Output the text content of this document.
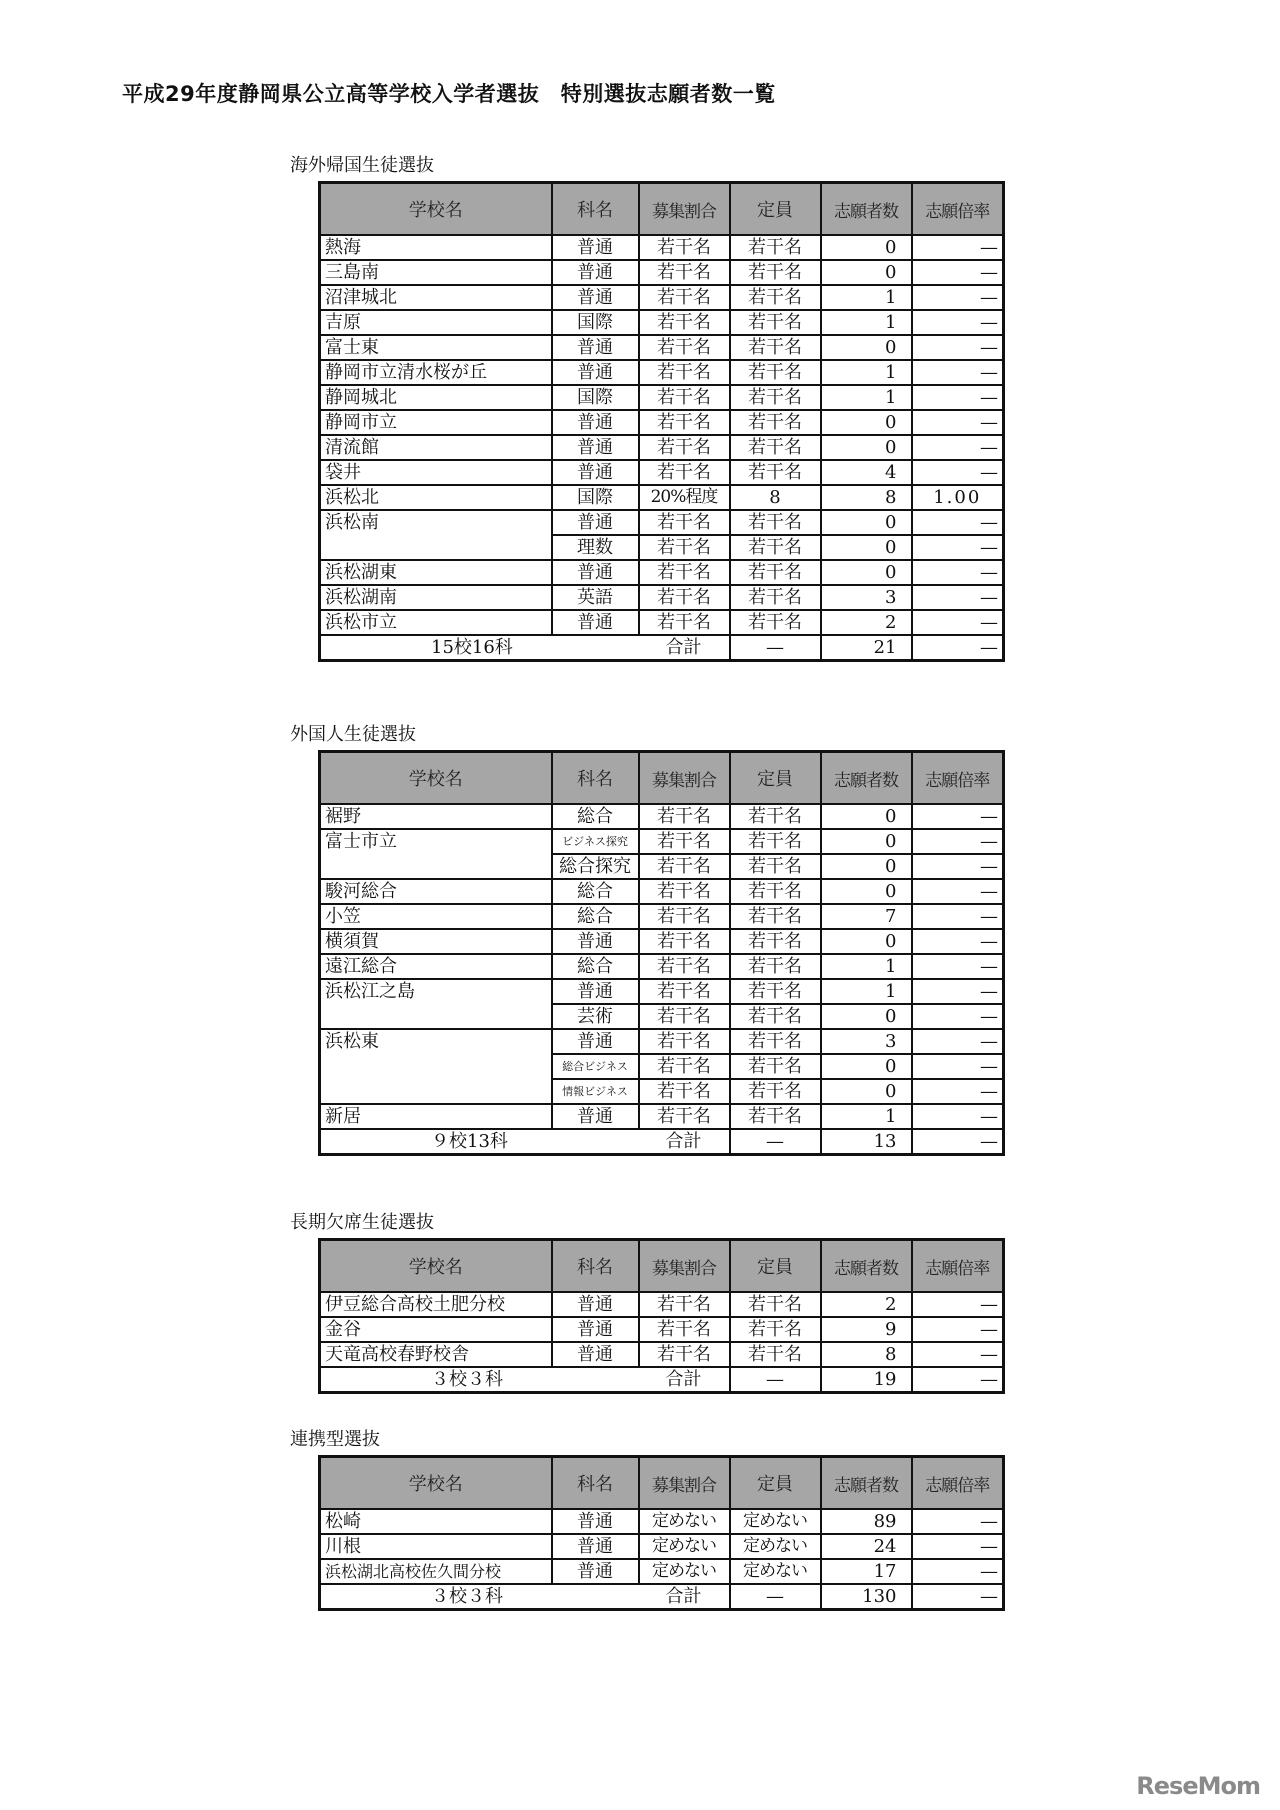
平成29年度静岡県公立高等学校入学者選抜　特別選抜志願者数一覧
海外帰国生徒選抜
学校名	科名	募集割合	定員	志願者数	志願倍率
熱海	普通	若干名	若干名	0	—
三島南	普通	若干名	若干名	0	—
沼津城北	普通	若干名	若干名	1	—
吉原	国際	若干名	若干名	1	—
富士東	普通	若干名	若干名	0	—
静岡市立清水桜が丘	普通	若干名	若干名	1	—
静岡城北	国際	若干名	若干名	1	—
静岡市立	普通	若干名	若干名	0	—
清流館	普通	若干名	若干名	0	—
袋井	普通	若干名	若干名	4	—
浜松北	国際	20%程度	8	8	1.00
浜松南	普通	若干名	若干名	0	—
	理数	若干名	若干名	0	—
浜松湖東	普通	若干名	若干名	0	—
浜松湖南	英語	若干名	若干名	3	—
浜松市立	普通	若干名	若干名	2	—
15校16科		合計	—	21	—
外国人生徒選抜
学校名	科名	募集割合	定員	志願者数	志願倍率
裾野	総合	若干名	若干名	0	—
富士市立	ビジネス探究	若干名	若干名	0	—
	総合探究	若干名	若干名	0	—
駿河総合	総合	若干名	若干名	0	—
小笠	総合	若干名	若干名	7	—
横須賀	普通	若干名	若干名	0	—
遠江総合	総合	若干名	若干名	1	—
浜松江之島	普通	若干名	若干名	1	—
	芸術	若干名	若干名	0	—
浜松東	普通	若干名	若干名	3	—
	総合ビジネス	若干名	若干名	0	—
	情報ビジネス	若干名	若干名	0	—
新居	普通	若干名	若干名	1	—
９校13科		合計	—	13	—
長期欠席生徒選抜
学校名	科名	募集割合	定員	志願者数	志願倍率
伊豆総合高校土肥分校	普通	若干名	若干名	2	—
金谷	普通	若干名	若干名	9	—
天竜高校春野校舎	普通	若干名	若干名	8	—
３校３科		合計	—	19	—
連携型選抜
学校名	科名	募集割合	定員	志願者数	志願倍率
松崎	普通	定めない	定めない	89	—
川根	普通	定めない	定めない	24	—
浜松湖北高校佐久間分校	普通	定めない	定めない	17	—
３校３科		合計	—	130	—
ReseMom
